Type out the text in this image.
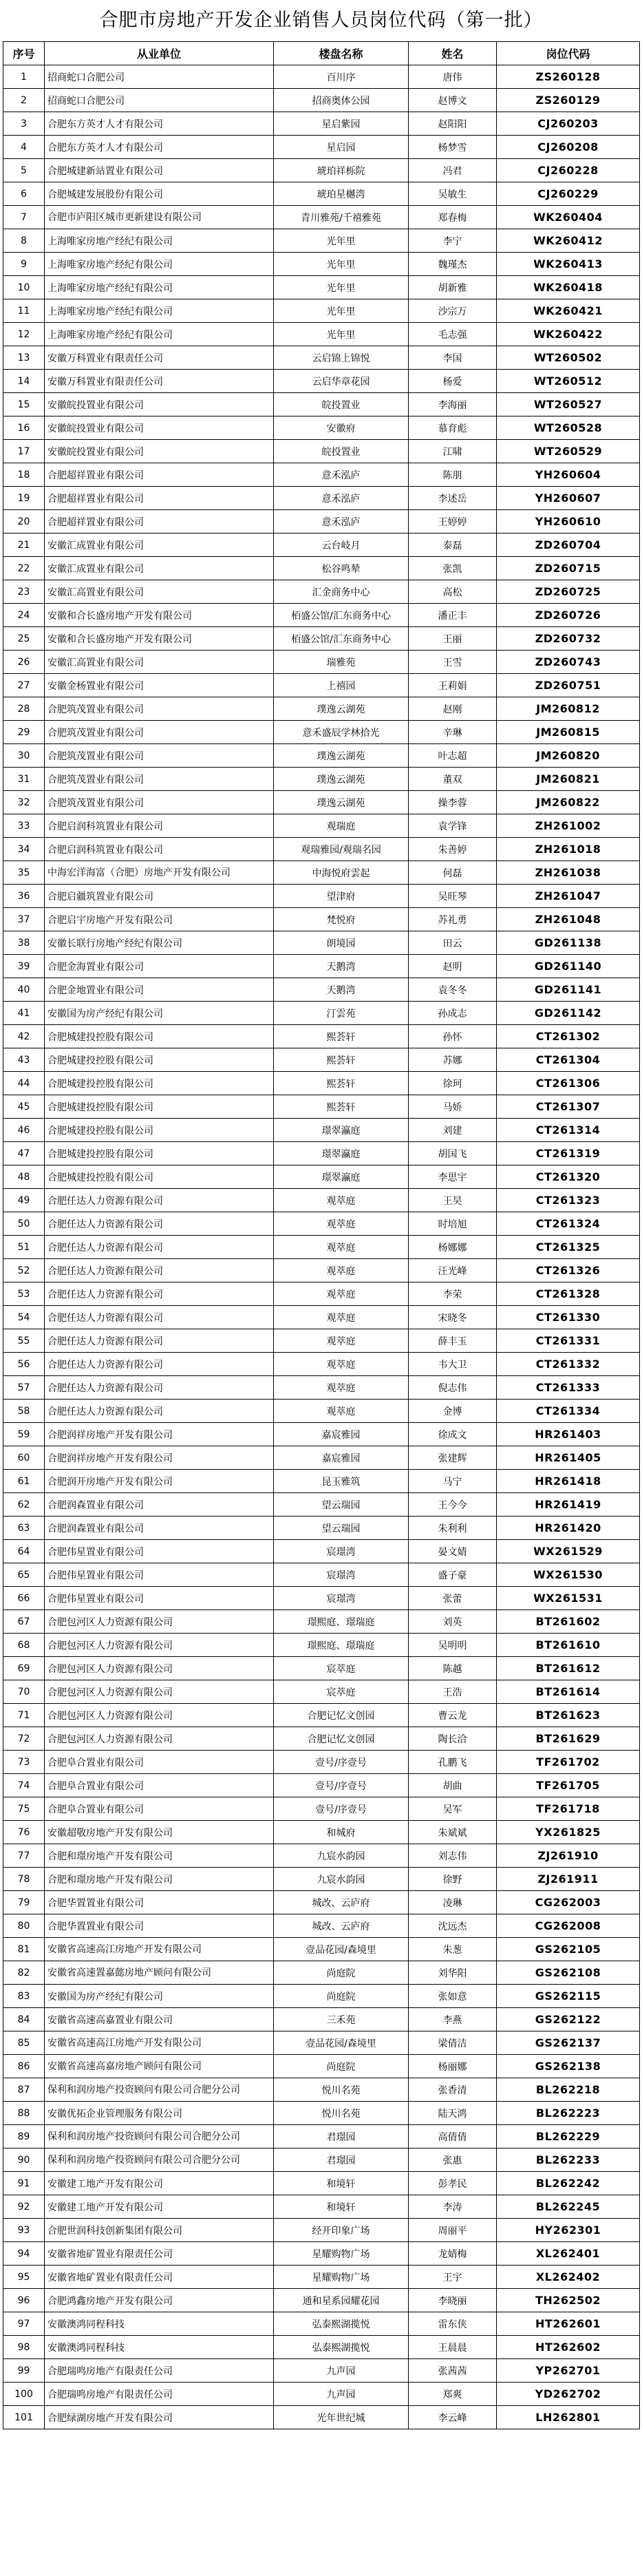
合肥市房地产开发企业销售人员岗位代码（第一批）
序号	从业单位	楼盘名称	姓名	岗位代码
1	招商蛇口合肥公司	百川序	唐伟	ZS260128
2	招商蛇口合肥公司	招商奥体公园	赵博文	ZS260129
3	合肥东方英才人才有限公司	星启紫园	赵阳阳	CJ260203
4	合肥东方英才人才有限公司	星启园	杨梦雪	CJ260208
5	合肥城建新站置业有限公司	琥珀祥栎院	冯君	CJ260228
6	合肥城建发展股份有限公司	琥珀星樾湾	吴敏生	CJ260229
7	合肥市庐阳区城市更新建设有限公司	青川雅苑/千禧雅苑	郑春梅	WK260404
8	上海唯家房地产经纪有限公司	光年里	李宁	WK260412
9	上海唯家房地产经纪有限公司	光年里	魏瑾杰	WK260413
10	上海唯家房地产经纪有限公司	光年里	胡新雅	WK260418
11	上海唯家房地产经纪有限公司	光年里	沙宗万	WK260421
12	上海唯家房地产经纪有限公司	光年里	毛志强	WK260422
13	安徽万科置业有限责任公司	云启锦上锦悦	李国	WT260502
14	安徽万科置业有限责任公司	云启华章花园	杨爱	WT260512
15	安徽皖投置业有限公司	皖投置业	李海丽	WT260527
16	安徽皖投置业有限公司	安徽府	慕育彪	WT260528
17	安徽皖投置业有限公司	皖投置业	江啸	WT260529
18	合肥超祥置业有限公司	意禾泓庐	陈朋	YH260604
19	合肥超祥置业有限公司	意禾泓庐	李述岳	YH260607
20	合肥超祥置业有限公司	意禾泓庐	王婷婷	YH260610
21	安徽汇成置业有限公司	云台岐月	泰磊	ZD260704
22	安徽汇成置业有限公司	松谷鸣辇	张凯	ZD260715
23	安徽汇高置业有限公司	汇金商务中心	高松	ZD260725
24	安徽和合长盛房地产开发有限公司	栢盛公馆/汇东商务中心	潘正丰	ZD260726
25	安徽和合长盛房地产开发有限公司	栢盛公馆/汇东商务中心	王丽	ZD260732
26	安徽汇高置业有限公司	瑞雅苑	王雪	ZD260743
27	安徽金杨置业有限公司	上禧园	王莉娟	ZD260751
28	合肥筑茂置业有限公司	璞逸云湖苑	赵刚	JM260812
29	合肥筑茂置业有限公司	意禾盛辰学林拾光	辛琳	JM260815
30	合肥筑茂置业有限公司	璞逸云湖苑	叶志超	JM260820
31	合肥筑茂置业有限公司	璞逸云湖苑	董双	JM260821
32	合肥筑茂置业有限公司	璞逸云湖苑	操李蓉	JM260822
33	合肥启润科筑置业有限公司	观瑞庭	袁学锋	ZH261002
34	合肥启润科筑置业有限公司	观瑞雅园/观瑞名园	朱善婷	ZH261018
35	中海宏洋海富（合肥）房地产开发有限公司	中海悦府雲起	何磊	ZH261038
36	合肥启疆筑置业有限公司	望津府	吴旺琴	ZH261047
37	合肥启宇房地产开发有限公司	梵悦府	苏礼勇	ZH261048
38	安徽长联行房地产经纪有限公司	朗境园	田云	GD261138
39	合肥金海置业有限公司	天鹅湾	赵明	GD261140
40	合肥金地置业有限公司	天鹅湾	袁冬冬	GD261141
41	安徽国为房产经纪有限公司	汀雲苑	孙成志	GD261142
42	合肥城建投控股有限公司	熙荟轩	孙怀	CT261302
43	合肥城建投控股有限公司	熙荟轩	苏娜	CT261304
44	合肥城建投控股有限公司	熙荟轩	徐珂	CT261306
45	合肥城建投控股有限公司	熙荟轩	马娇	CT261307
46	合肥城建投控股有限公司	璟翠瀛庭	刘建	CT261314
47	合肥城建投控股有限公司	璟翠瀛庭	胡国飞	CT261319
48	合肥城建投控股有限公司	璟翠瀛庭	李思宇	CT261320
49	合肥任达人力资源有限公司	观萃庭	王昊	CT261323
50	合肥任达人力资源有限公司	观萃庭	时培旭	CT261324
51	合肥任达人力资源有限公司	观萃庭	杨娜娜	CT261325
52	合肥任达人力资源有限公司	观萃庭	汪光峰	CT261326
53	合肥任达人力资源有限公司	观萃庭	李荣	CT261328
54	合肥任达人力资源有限公司	观萃庭	宋晓冬	CT261330
55	合肥任达人力资源有限公司	观萃庭	薛丰玉	CT261331
56	合肥任达人力资源有限公司	观萃庭	韦大卫	CT261332
57	合肥任达人力资源有限公司	观萃庭	倪志伟	CT261333
58	合肥任达人力资源有限公司	观萃庭	金博	CT261334
59	合肥润祥房地产开发有限公司	嘉宸雅园	徐成文	HR261403
60	合肥润祥房地产开发有限公司	嘉宸雅园	张建辉	HR261405
61	合肥润开房地产开发有限公司	昆玉雅筑	马宁	HR261418
62	合肥润森置业有限公司	望云瑞园	王今今	HR261419
63	合肥润森置业有限公司	望云瑞园	朱利利	HR261420
64	合肥伟星置业有限公司	宸璟湾	晏文婧	WX261529
65	合肥伟星置业有限公司	宸璟湾	盛子豪	WX261530
66	合肥伟星置业有限公司	宸璟湾	张蕾	WX261531
67	合肥包河区人力资源有限公司	璟熙庭、璟瑞庭	刘英	BT261602
68	合肥包河区人力资源有限公司	璟熙庭、璟瑞庭	吴明明	BT261610
69	合肥包河区人力资源有限公司	宸萃庭	陈越	BT261612
70	合肥包河区人力资源有限公司	宸萃庭	王浩	BT261614
71	合肥包河区人力资源有限公司	合肥记忆文创园	曹云龙	BT261623
72	合肥包河区人力资源有限公司	合肥记忆文创园	陶长洽	BT261629
73	合肥阜合置业有限公司	壹号/序壹号	孔鹏飞	TF261702
74	合肥阜合置业有限公司	壹号/序壹号	胡曲	TF261705
75	合肥阜合置业有限公司	壹号/序壹号	吴军	TF261718
76	安徽超敬房地产开发有限公司	和城府	朱斌斌	YX261825
77	合肥和璟房地产开发有限公司	九宸水韵园	刘志伟	ZJ261910
78	合肥和璟房地产开发有限公司	九宸水韵园	徐野	ZJ261911
79	合肥华置置业有限公司	城改、云庐府	凌琳	CG262003
80	合肥华置置业有限公司	城改、云庐府	沈远杰	CG262008
81	安徽省高速高江房地产开发有限公司	壹品花园/森境里	朱葱	GS262105
82	安徽省高速置嘉懿房地产顾问有限公司	尚庭院	刘华阳	GS262108
83	安徽国为房产经纪有限公司	尚庭院	张如意	GS262115
84	安徽省高速高嘉置业有限公司	三禾苑	李燕	GS262122
85	安徽省高速高江房地产开发有限公司	壹品花园/森境里	梁倩洁	GS262137
86	安徽省高速高嘉房地产顾问有限公司	尚庭院	杨丽娜	GS262138
87	保利和润房地产投资顾问有限公司合肥分公司	悦川名苑	张香清	BL262218
88	安徽优拓企业管理服务有限公司	悦川名苑	陆天鸿	BL262223
89	保利和润房地产投资顾问有限公司合肥分公司	君璟园	高倩倩	BL262229
90	保利和润房地产投资顾问有限公司合肥分公司	君璟园	张惠	BL262233
91	安徽建工地产开发有限公司	和境轩	彭孝民	BL262242
92	安徽建工地产开发有限公司	和境轩	李涛	BL262245
93	合肥世润科技创新集团有限公司	经开印象广场	周丽平	HY262301
94	安徽省地矿置业有限责任公司	星耀购物广场	龙婧梅	XL262401
95	安徽省地矿置业有限责任公司	星耀购物广场	王宇	XL262402
96	合肥鸿鑫房地产开发有限公司	通和星系园耀花园	李晓丽	TH262502
97	安徽澳鸿同程科技	弘泰熙湖揽悦	雷东侠	HT262601
98	安徽澳鸿同程科技	弘泰熙湖揽悦	王晨晨	HT262602
99	合肥瑞鸣房地产有限责任公司	九声园	张茜茜	YP262701
100	合肥瑞鸣房地产有限责任公司	九声园	郑爽	YD262702
101	合肥绿湖房地产开发有限公司	光年世纪城	李云峰	LH262801
